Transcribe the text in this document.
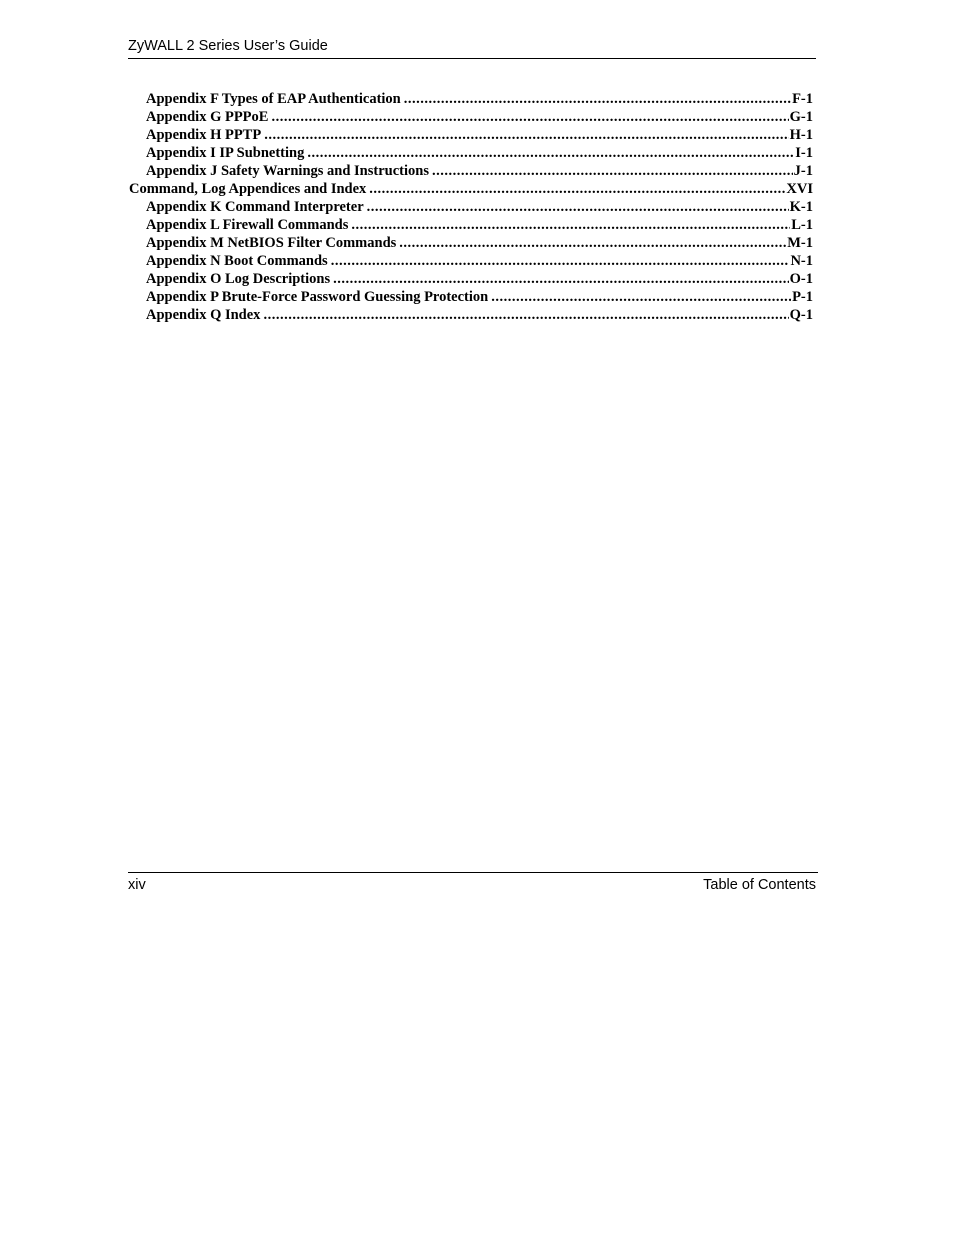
ZyWALL 2 Series User’s Guide
Appendix F Types of EAP Authentication .....	F-1
Appendix G PPPoE .....	G-1
Appendix H PPTP .....	H-1
Appendix I IP Subnetting .....	I-1
Appendix J Safety Warnings and Instructions .....	J-1
Command, Log Appendices and Index .....	XVI
Appendix K Command Interpreter .....	K-1
Appendix L Firewall Commands .....	L-1
Appendix M NetBIOS Filter Commands .....	M-1
Appendix N Boot Commands .....	N-1
Appendix O Log Descriptions .....	O-1
Appendix P Brute-Force Password Guessing Protection .....	P-1
Appendix Q Index .....	Q-1
xiv	Table of Contents
